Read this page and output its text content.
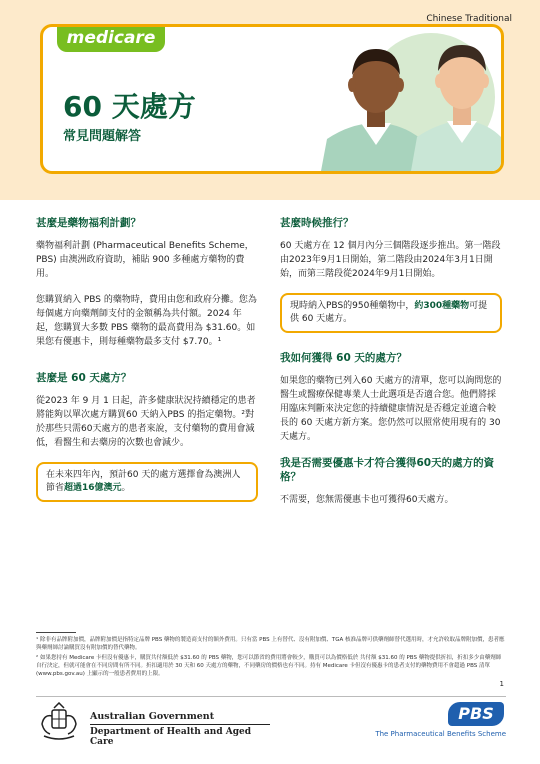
Chinese Traditional
medicare
60 天處方
常見問題解答
甚麼是藥物福利計劃？

藥物福利計劃 (Pharmaceutical Benefits Scheme，PBS) 由澳洲政府資助，補貼 900 多種處方藥物的費用。

您購買納入 PBS 的藥物時，費用由您和政府分攤。您為每個處方向藥劑師支付的金額稱為共付額。2024 年起，您購買大多數 PBS 藥物的最高費用為 $31.60。如果您有優惠卡，則每種藥物最多支付 $7.70。¹

甚麼是 60 天處方？

從2023 年 9 月 1 日起，許多健康狀況持續穩定的患者將能夠以單次處方購買60 天納入PBS 的指定藥物。²對於那些只需60天處方的患者來說，支付藥物的費用會減低，看醫生和去藥房的次數也會減少。

在未來四年內，預計60 天的處方選擇會為澳洲人節省超過16億澳元。
甚麼時候推行？

60 天處方在 12 個月內分三個階段逐步推出。第一階段由2023年9月1日開始，第二階段由2024年3月1日開始，而第三階段從2024年9月1日開始。

現時納入PBS的950種藥物中，約300種藥物可提供 60 天處方。
我如何獲得 60 天的處方？

如果您的藥物已列入60 天處方的清單，您可以詢問您的醫生或醫療保健專業人士此選項是否適合您。他們將採用臨床判斷來決定您的持續健康情況是否穩定並適合較長的 60 天處方新方案。您仍然可以照常使用現有的 30 天處方。

我是否需要優惠卡才符合獲得60天的處方的資格？

不需要，您無需優惠卡也可獲得60天處方。

¹ 除非有品牌附加價，品牌附加價是指特定品牌 PBS 藥物的製造商支付的額外費用。只有當 PBS 上有替代、沒有附加價、TGA 核准品牌可供藥劑師替代選用時，才允許收取品牌附加價，患者應與藥劑師討論購買沒有附加價的替代藥物。

² 如果您持有 Medicare 卡但沒有優惠卡，購買共付額低於 $31.60 的 PBS 藥物，您可以節省的費用將會較少，購買可以為價格低於 共付額 $31.60 的 PBS 藥物提供折扣，折扣多少由藥劑師自行決定，但就可能會在不同房間有所不同。折扣適用於 30 天和 60 天處方的藥物，不同藥房的價格也有不同。持有 Medicare 卡但沒有優惠卡的患者支付的藥物費用不會超過 PBS 清單 (www.pbs.gov.au) 上顯示的一般患者費用的上限。

1
Australian Government
Department of Health and Aged Care
PBS
The Pharmaceutical Benefits Scheme
